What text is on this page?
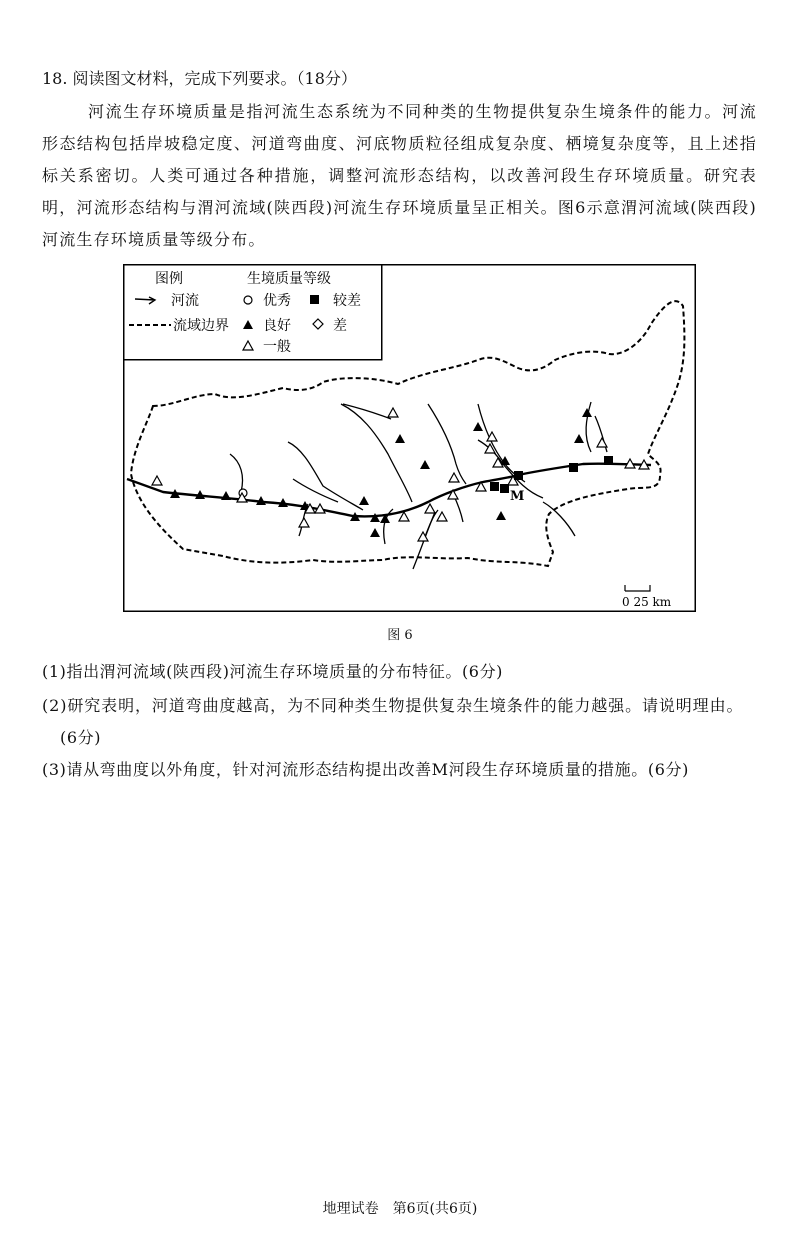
18. 阅读图文材料，完成下列要求。（18分）
河流生存环境质量是指河流生态系统为不同种类的生物提供复杂生境条件的能力。河流形态结构包括岸坡稳定度、河道弯曲度、河底物质粒径组成复杂度、栖境复杂度等，且上述指标关系密切。人类可通过各种措施，调整河流形态结构，以改善河段生存环境质量。研究表明，河流形态结构与渭河流域(陕西段)河流生存环境质量呈正相关。图6示意渭河流域(陕西段)河流生存环境质量等级分布。
图例	生境质量等级
河流
流域边界
优秀	较差
良好	差
一般
M
0 25 km
图 6
(1)指出渭河流域(陕西段)河流生存环境质量的分布特征。(6分)
(2)研究表明，河道弯曲度越高，为不同种类生物提供复杂生境条件的能力越强。请说明理由。
(6分)
(3)请从弯曲度以外角度，针对河流形态结构提出改善M河段生存环境质量的措施。(6分)
地理试卷　第6页(共6页)
